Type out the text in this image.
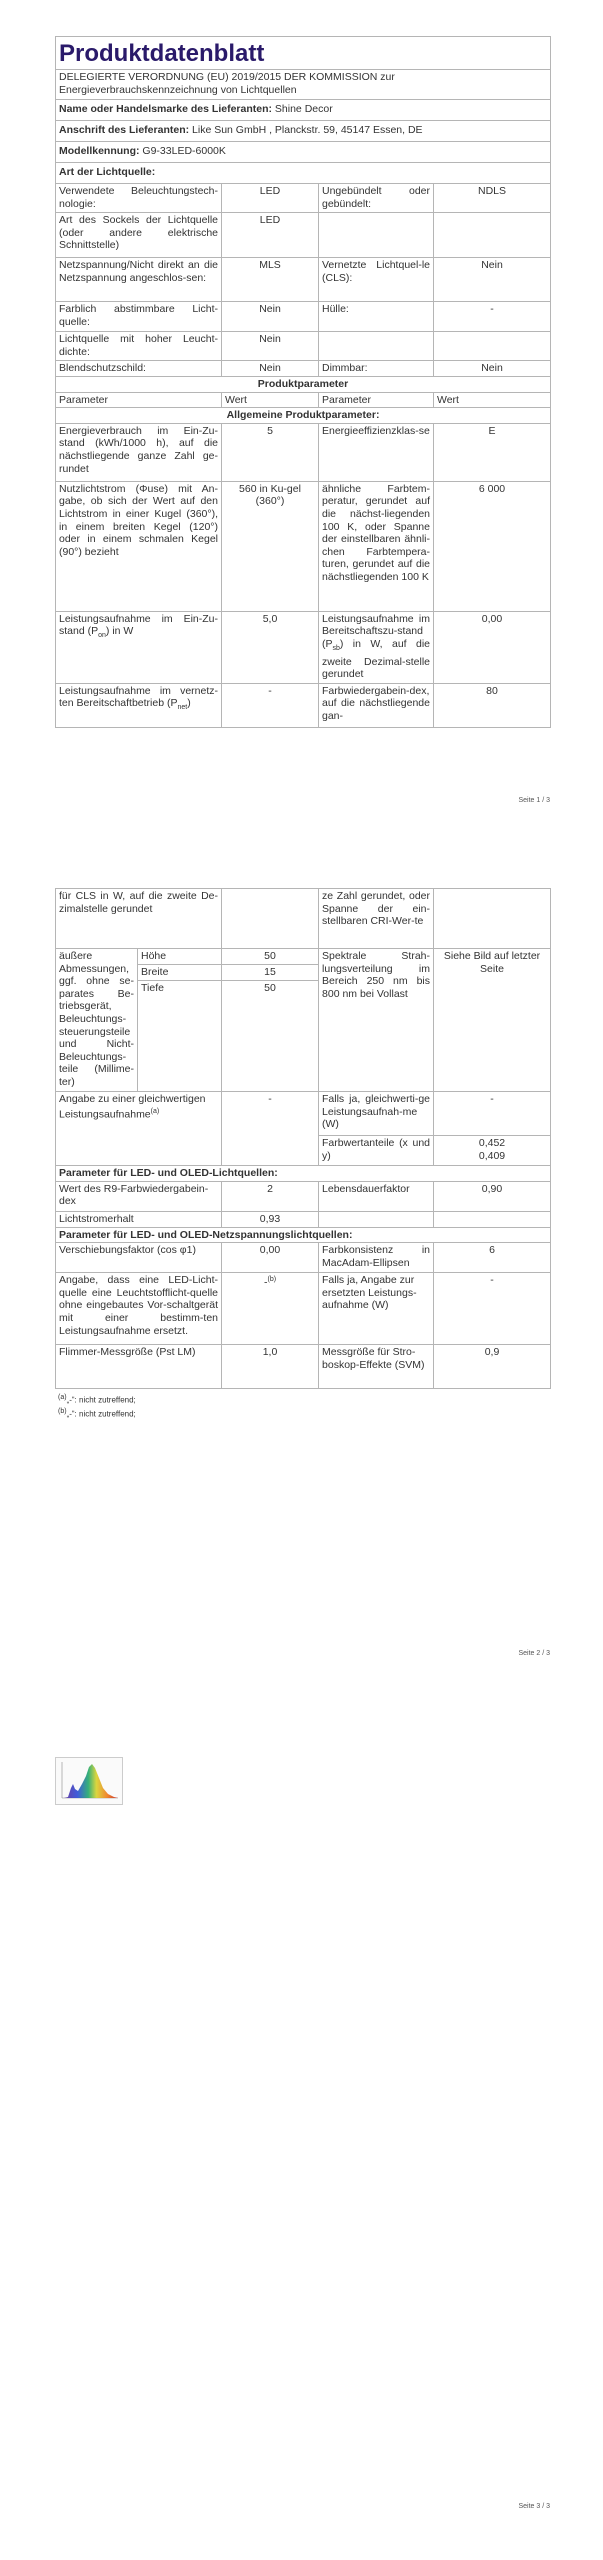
Produktdatenblatt			
DELEGIERTE VERORDNUNG (EU) 2019/2015 DER KOMMISSION zur Energieverbrauchskennzeichnung von Lichtquellen			
Name oder Handelsmarke des Lieferanten: Shine Decor			
Anschrift des Lieferanten: Like Sun GmbH , Planckstr. 59, 45147 Essen, DE			
Modellkennung: G9-33LED-6000K			
Art der Lichtquelle:			
Verwendete Beleuchtungstech-nologie:	LED	Ungebündelt oder gebündelt:	NDLS
Art des Sockels der Lichtquelle (oder andere elektrische Schnittstelle)	LED		
Netzspannung/Nicht direkt an die Netzspannung angeschlos-sen:	MLS	Vernetzte Lichtquel-le (CLS):	Nein
Farblich abstimmbare Licht-quelle:	Nein	Hülle:	-
Lichtquelle mit hoher Leucht-dichte:	Nein		
Blendschutzschild:	Nein	Dimmbar:	Nein
Produktparameter			
Parameter	Wert	Parameter	Wert
Allgemeine Produktparameter:			
Energieverbrauch im Ein-Zu-stand (kWh/1000 h), auf die nächstliegende ganze Zahl ge-rundet	5	Energieeffizienzklas-se	E
Nutzlichtstrom (Φuse) mit An-gabe, ob sich der Wert auf den Lichtstrom in einer Kugel (360°), in einem breiten Kegel (120°) oder in einem schmalen Kegel (90°) bezieht	560 in Ku-gel (360°)	ähnliche Farbtem-peratur, gerundet auf die nächst-liegenden 100 K, oder Spanne der einstellbaren ähnli-chen Farbtempera-turen, gerundet auf die nächstliegenden 100 K	6 000
Leistungsaufnahme im Ein-Zu-stand $(P_{on})$ in W	5,0	Leistungsaufnahme im Bereitschaftszu-stand $(P_{sb})$ in W, auf die zweite Dezimal-stelle gerundet	0,00
Leistungsaufnahme im vernetz-ten Bereitschaftbetrieb $(P_{net})$	-	Farbwiedergabein-dex, auf die nächstliegende gan-	80
Seite 1 / 3
für CLS in W, auf die zweite De-zimalstelle gerundet			ze Zahl gerundet, oder Spanne der ein-stellbaren CRI-Wer-te	
äußere Abmessungen, ggf. ohne se-parates Be-triebsgerät, Beleuchtungs-steuerungsteile und Nicht-Beleuchtungs-teile (Millime-ter)	Höhe	50	Spektrale Strah-lungsverteilung im Bereich 250 nm bis 800 nm bei Vollast	Siehe Bild auf letzter Seite
	Breite	15		
	Tiefe	50		
Angabe zu einer gleichwertigen Leistungsaufnahme$^{(a)}$		-	Falls ja, gleichwerti-ge Leistungsaufnah-me (W)	-
			Farbwertanteile (x und y)	0,452
0,409
Parameter für LED- und OLED-Lichtquellen:				
Wert des R9-Farbwiedergabein-dex		2	Lebensdauerfaktor	0,90
Lichtstromerhalt		0,93		
Parameter für LED- und OLED-Netzspannungslichtquellen:				
Verschiebungsfaktor (cos φ1)		0,00	Farbkonsistenz in MacAdam-Ellipsen	6
Angabe, dass eine LED-Licht-quelle eine Leuchtstofflicht-quelle ohne eingebautes Vor-schaltgerät mit einer bestimm-ten Leistungsaufnahme ersetzt.		-$^{(b)}$	Falls ja, Angabe zur ersetzten Leistungs-aufnahme (W)	-
Flimmer-Messgröße (Pst LM)		1,0	Messgröße für Stro-boskop-Effekte (SVM)	0,9
$^{(a)}$„-“: nicht zutreffend;
$^{(b)}$„-“: nicht zutreffend;
Seite 2 / 3
Seite 3 / 3
